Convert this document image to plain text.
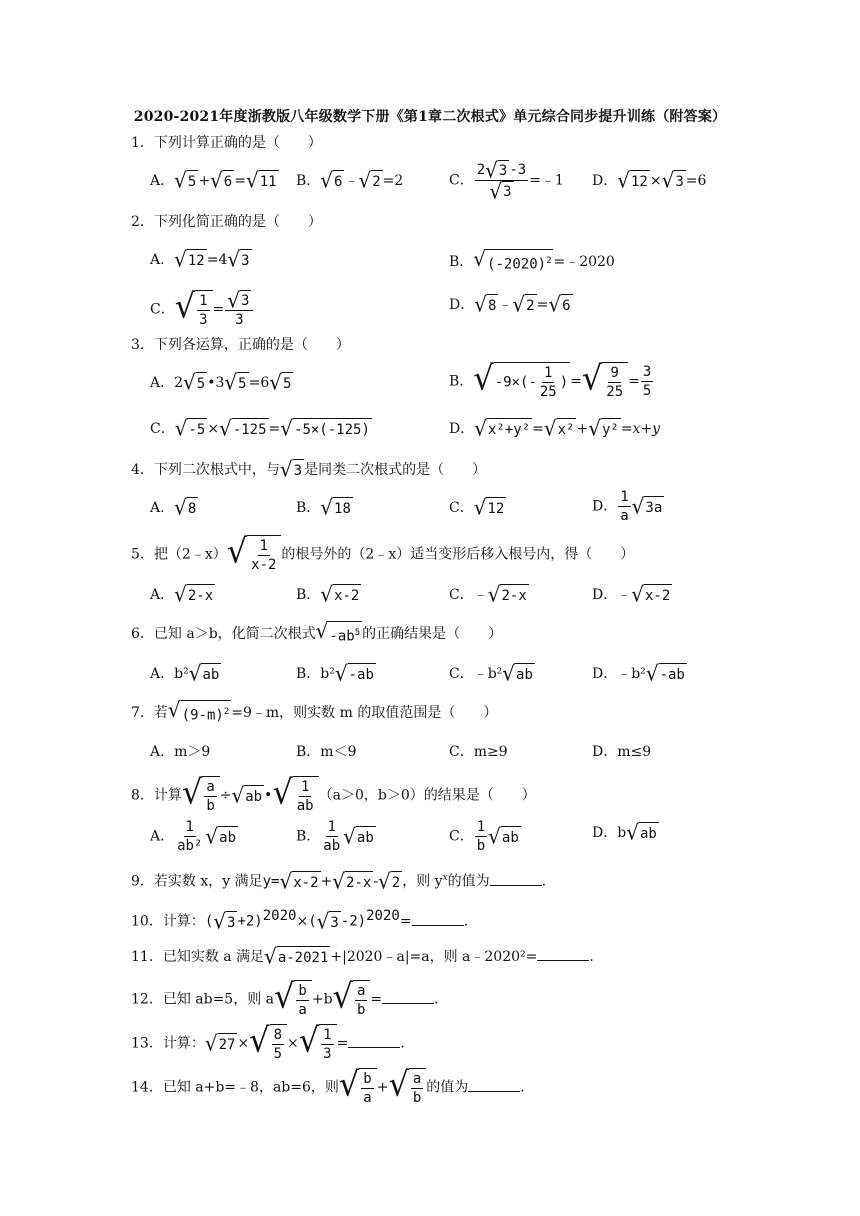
2020-2021年度浙教版八年级数学下册《第1章二次根式》单元综合同步提升训练（附答案）
1．下列计算正确的是（　　）
A． √ 5 + √ 6 = √ 11 B． √ 6 ﹣ √ 2 =2	C． $\frac{2 √ 3 -3}{√ 3}$ =﹣1 D． √ 12 × √ 3 =6
2．下列化简正确的是（　　）
A． √ 12 =4 √ 3	B． √ $(-2020)^2$ =﹣2020
C． √ $\frac{1}{3} = \frac{√ 3}{3}$	D． √ 8 ﹣ √ 2 = √ 6
3．下列各运算，正确的是（　　）
A．2 √ 5 •3 √ 5 =6 √ 5	B． √ $-9\times(- \frac{1}{25}$ ) = √ $\frac{9}{25} = \frac{3}{5}$
C． √ -5 × √ -125 = √ -5×(-125)	D． √ x²+y² = √ x² + √ y² =x+y
4．下列二次根式中，与 √ 3 是同类二次根式的是（　　）
A． √ 8	B． √ 18	C． √ 12	D． $\frac{1}{a}$ √ 3a
5．把（2﹣x） √ $\frac{1}{x-2}$ 的根号外的（2﹣x）适当变形后移入根号内，得（　　）
A． √ 2-x	B． √ x-2	C．﹣ √ 2-x	D．﹣ √ x-2
6．已知 a＞b，化简二次根式 √ $-ab^5$ 的正确结果是（　　）
A．b² √ ab	B．b² √ -ab	C．﹣b² √ ab	D．﹣b² √ -ab
7．若 √ $(9-m)^2$ =9﹣m，则实数 m 的取值范围是（　　）
A．m＞9	B．m＜9	C．m≥9	D．m≤9
8．计算 √ $\frac{a}{b}$ ÷ √ ab • √ $\frac{1}{ab} (a>0$，b＞0）的结果是（　　）
A． $\frac{1}{\text{ab²}}$ √ ab	B． $\frac{1}{ab}$ √ ab	C． $\frac{1}{b}$ √ ab	D．b √ ab
9．若实数 x，y 满足y= √ x-2 + √ 2-x - √ 2 ，则 $y^x$的值为	.
10．计算：( √ 3 +2)$^{2020}$×( √ 3 -2)$^{2020}$=	.
11．已知实数 a 满足 √ a-2021 +|2020﹣a|=a，则 a﹣2020²=	.
12．已知 ab=5，则 a √ $\frac{b}{a} +b$ √ $\frac{a}{b}$ =	.
13．计算： √ 27 × √ $\frac{8}{5}$ × √ $\frac{1}{3}$ =	.
14．已知 a+b=﹣8，ab=6，则 √ $\frac{b}{a}$ + √ $\frac{a}{b}$ 的值为	.
